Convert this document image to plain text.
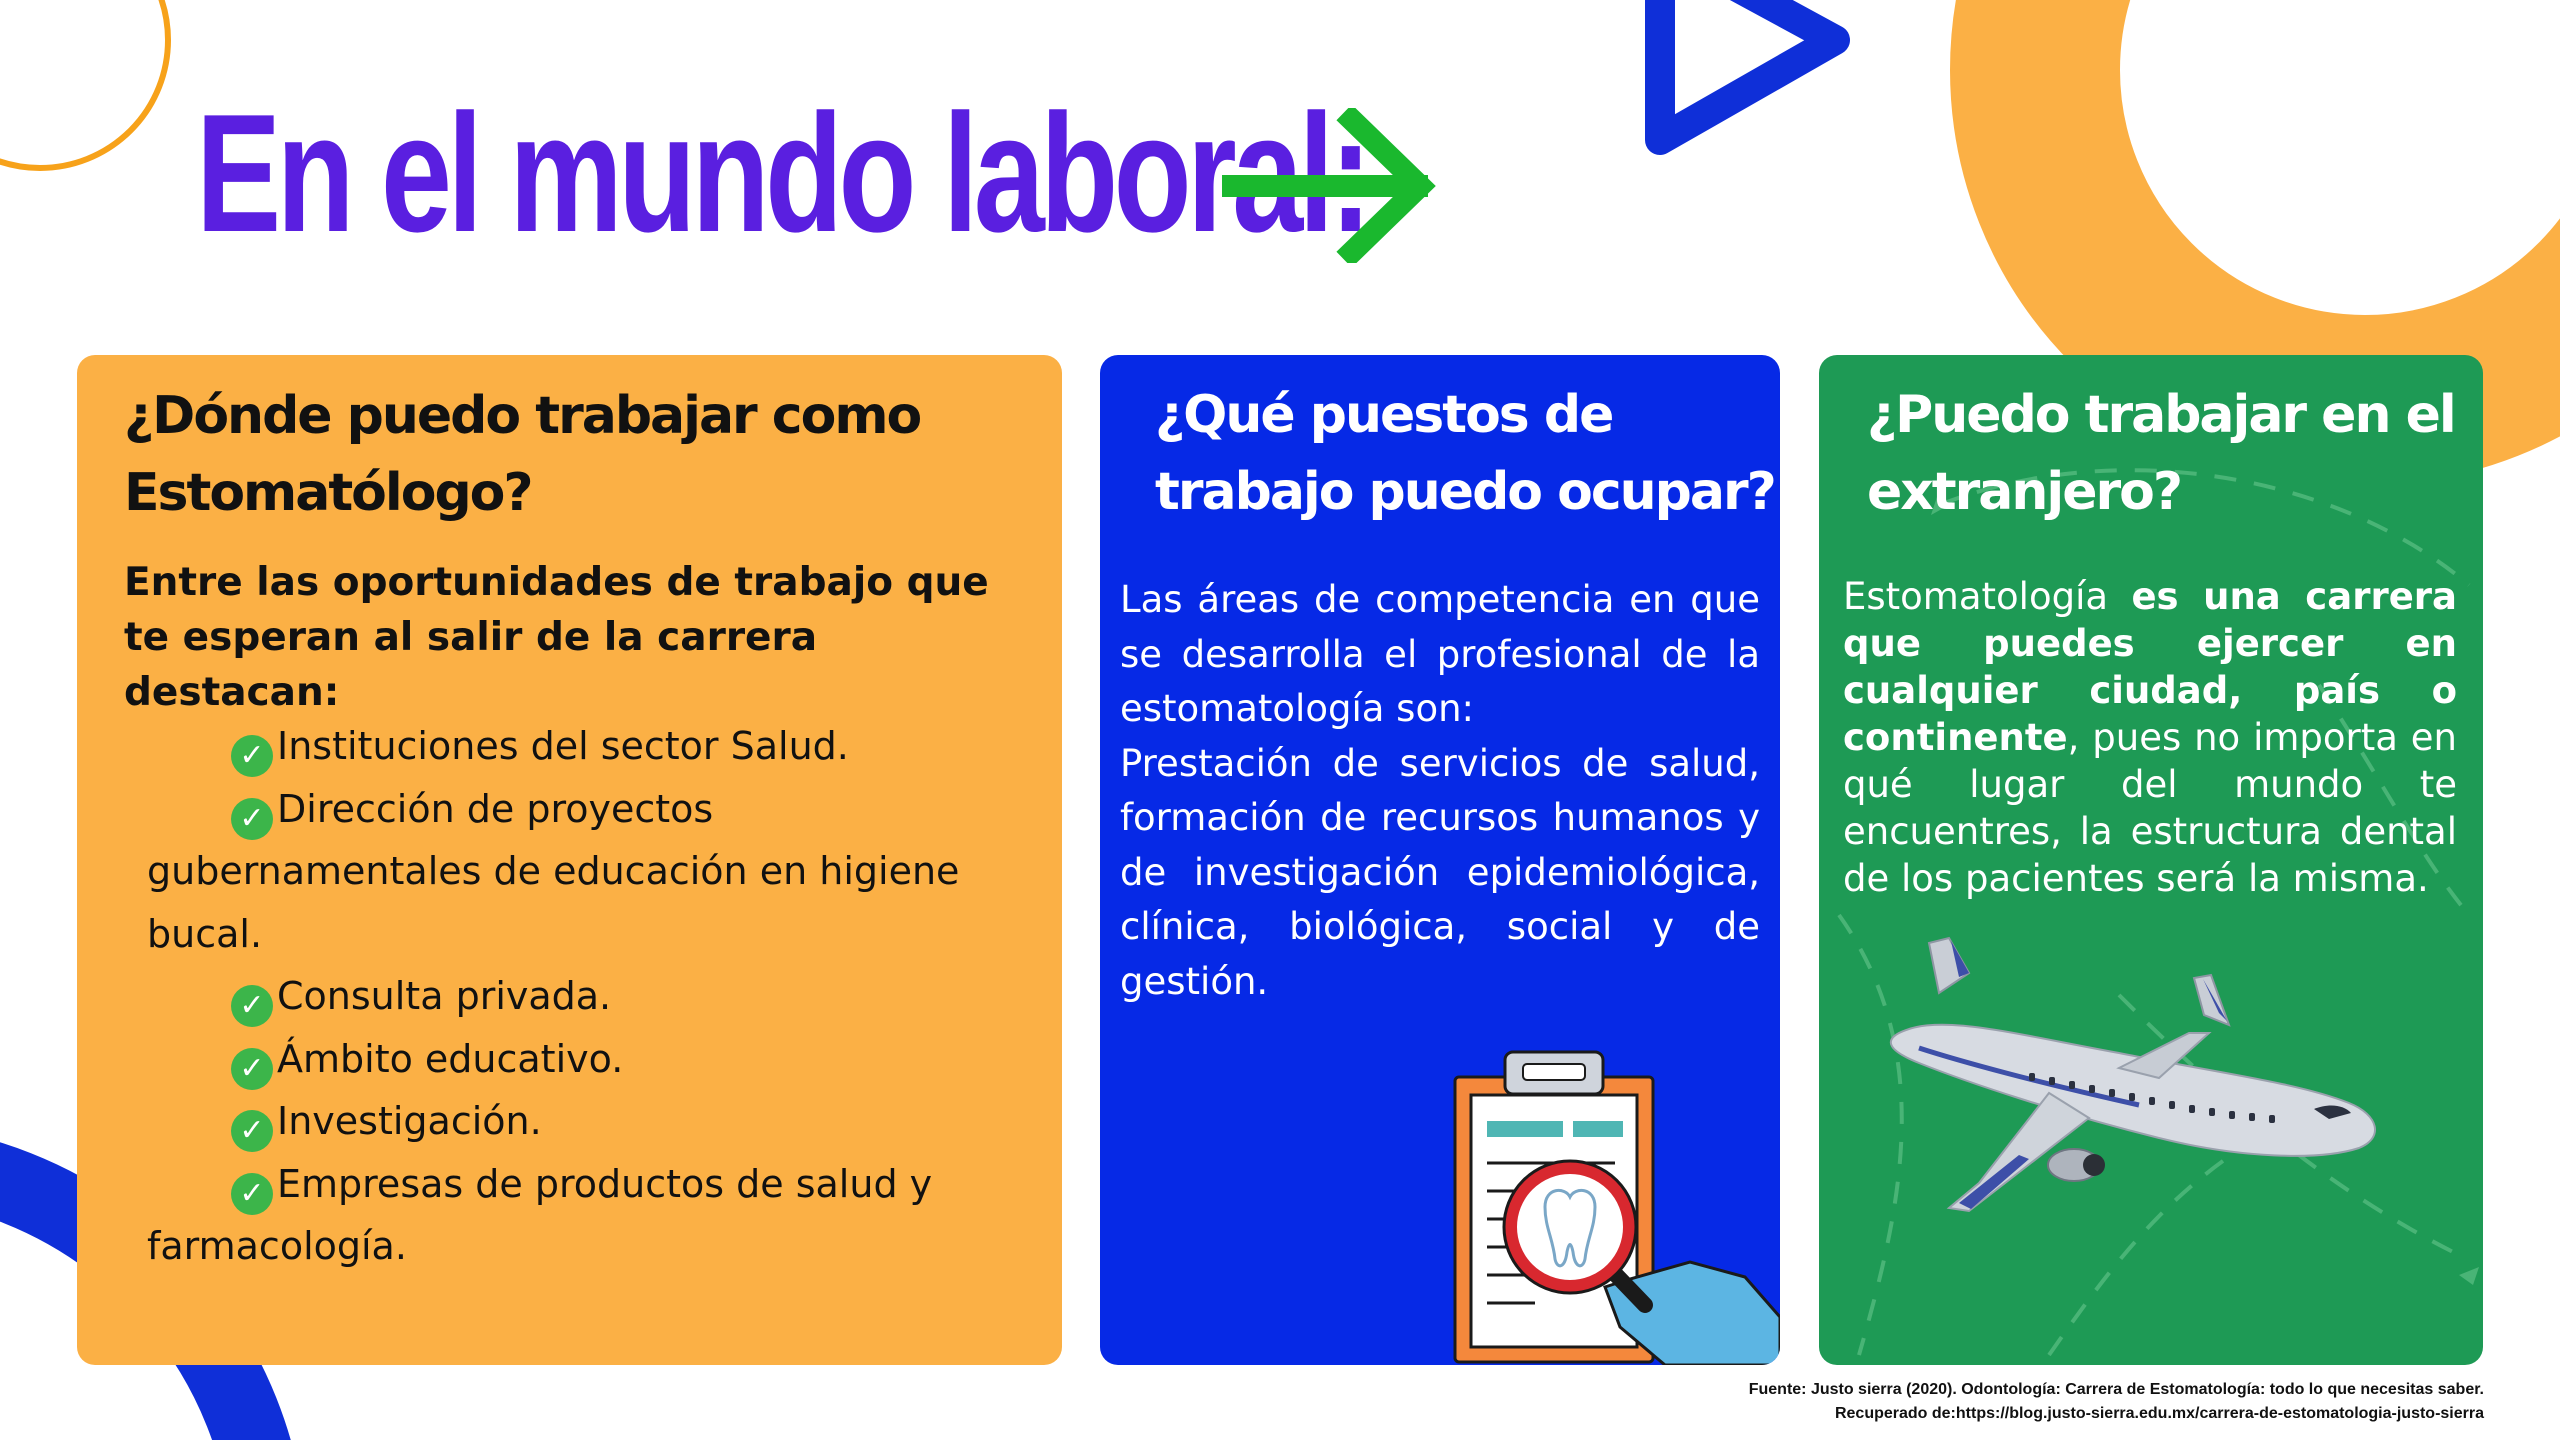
En el mundo laboral:
¿Dónde puedo trabajar como Estomatólogo?
Entre las oportunidades de trabajo que te esperan al salir de la carrera destacan:
✓ Instituciones del sector Salud.
✓ Dirección de proyectos gubernamentales de educación en higiene bucal.
✓ Consulta privada.
✓ Ámbito educativo.
✓ Investigación.
✓ Empresas de productos de salud y farmacología.
¿Qué puestos de trabajo puedo ocupar?

Las áreas de competencia en que se desarrolla el profesional de la estomatología son:

Prestación de servicios de salud, formación de recursos humanos y de investigación epidemiológica, clínica, biológica, social y de gestión.

¿Puedo trabajar en el extranjero?
Estomatología es una carrera que puedes ejercer en cualquier ciudad, país o continente, pues no importa en qué lugar del mundo te encuentres, la estructura dental de los pacientes será la misma.
Fuente: Justo sierra (2020). Odontología: Carrera de Estomatología: todo lo que necesitas saber.
Recuperado de:https://blog.justo-sierra.edu.mx/carrera-de-estomatologia-justo-sierra
